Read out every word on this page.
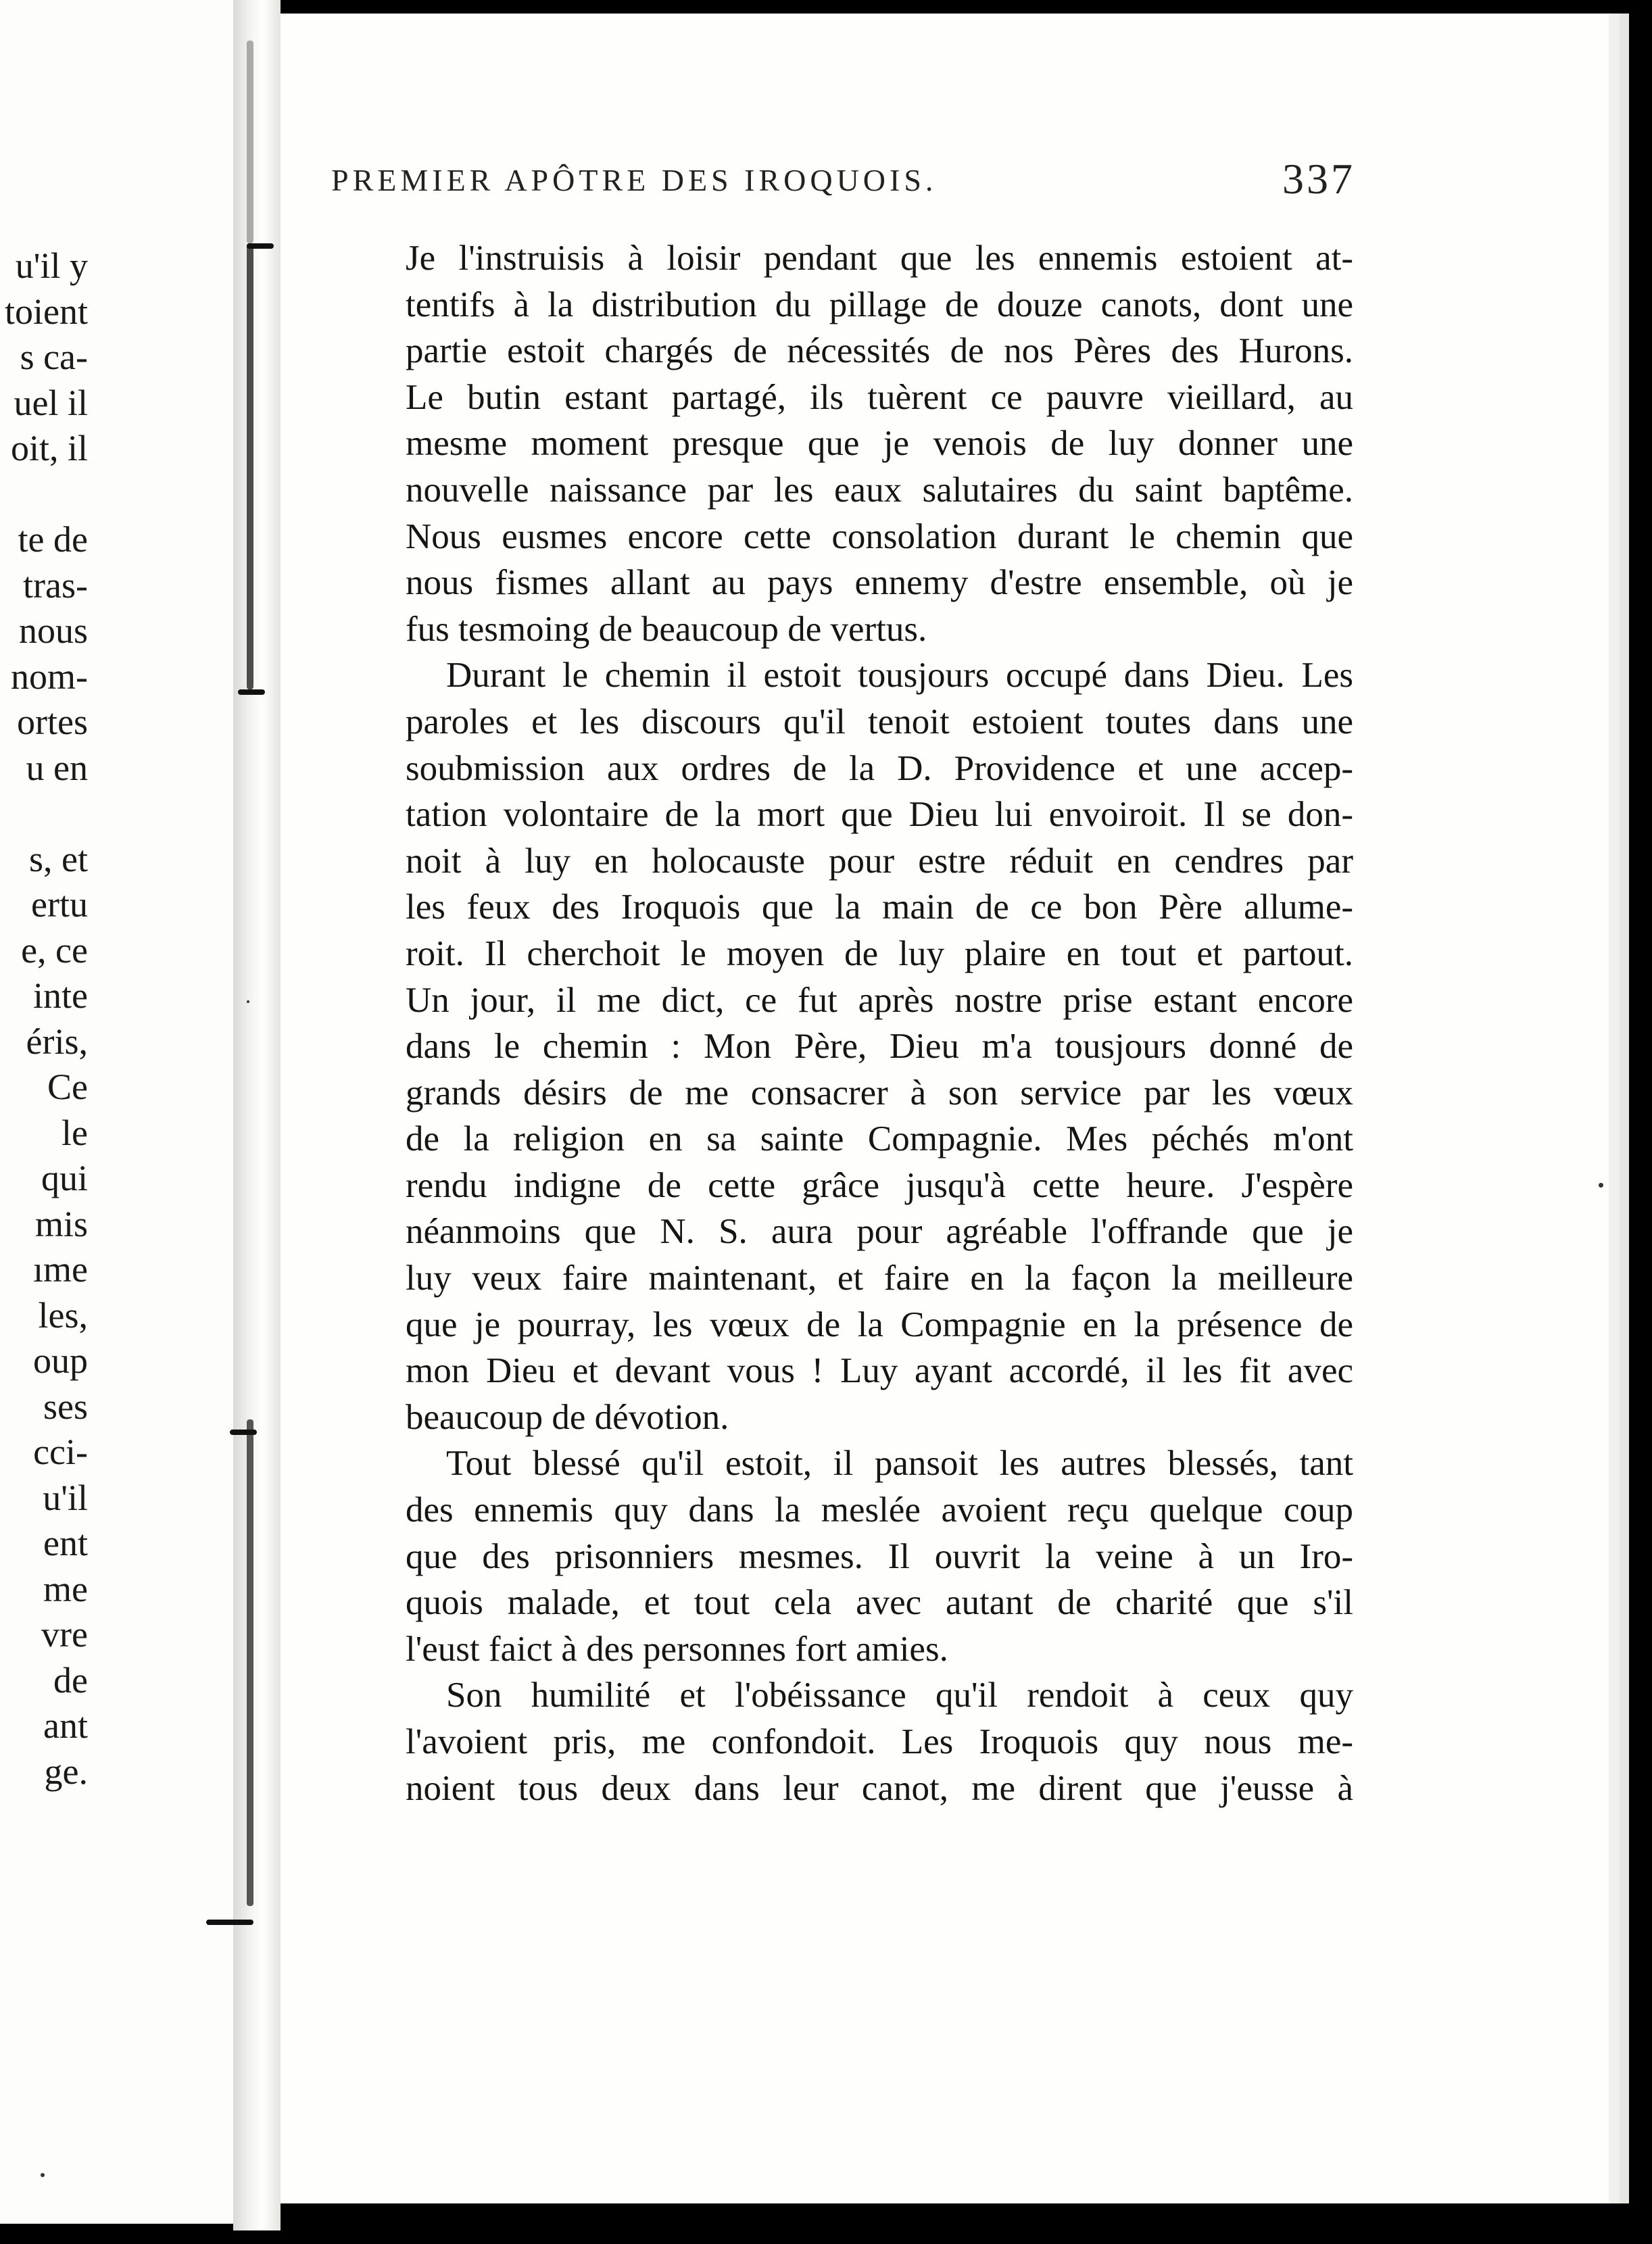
u'il y
toient
s ca-
uel il
oit, il
te de
tras-
nous
nom-
ortes
u en
s, et
ertu
e, ce
inte
éris,
Ce
le
qui
mis
ıme
les,
oup
ses
cci-
u'il
ent
me
vre
de
ant
ge.
PREMIER APÔTRE DES IROQUOIS.	337
Je l'instruisis à loisir pendant que les ennemis estoient at-
tentifs à la distribution du pillage de douze canots, dont une
partie estoit chargés de nécessités de nos Pères des Hurons.
Le butin estant partagé, ils tuèrent ce pauvre vieillard, au
mesme moment presque que je venois de luy donner une
nouvelle naissance par les eaux salutaires du saint baptême.
Nous eusmes encore cette consolation durant le chemin que
nous fismes allant au pays ennemy d'estre ensemble, où je
fus tesmoing de beaucoup de vertus.
Durant le chemin il estoit tousjours occupé dans Dieu. Les
paroles et les discours qu'il tenoit estoient toutes dans une
soubmission aux ordres de la D. Providence et une accep-
tation volontaire de la mort que Dieu lui envoiroit. Il se don-
noit à luy en holocauste pour estre réduit en cendres par
les feux des Iroquois que la main de ce bon Père allume-
roit. Il cherchoit le moyen de luy plaire en tout et partout.
Un jour, il me dict, ce fut après nostre prise estant encore
dans le chemin : Mon Père, Dieu m'a tousjours donné de
grands désirs de me consacrer à son service par les vœux
de la religion en sa sainte Compagnie. Mes péchés m'ont
rendu indigne de cette grâce jusqu'à cette heure. J'espère
néanmoins que N. S. aura pour agréable l'offrande que je
luy veux faire maintenant, et faire en la façon la meilleure
que je pourray, les vœux de la Compagnie en la présence de
mon Dieu et devant vous ! Luy ayant accordé, il les fit avec
beaucoup de dévotion.
Tout blessé qu'il estoit, il pansoit les autres blessés, tant
des ennemis quy dans la meslée avoient reçu quelque coup
que des prisonniers mesmes. Il ouvrit la veine à un Iro-
quois malade, et tout cela avec autant de charité que s'il
l'eust faict à des personnes fort amies.
Son humilité et l'obéissance qu'il rendoit à ceux quy
l'avoient pris, me confondoit. Les Iroquois quy nous me-
noient tous deux dans leur canot, me dirent que j'eusse à
